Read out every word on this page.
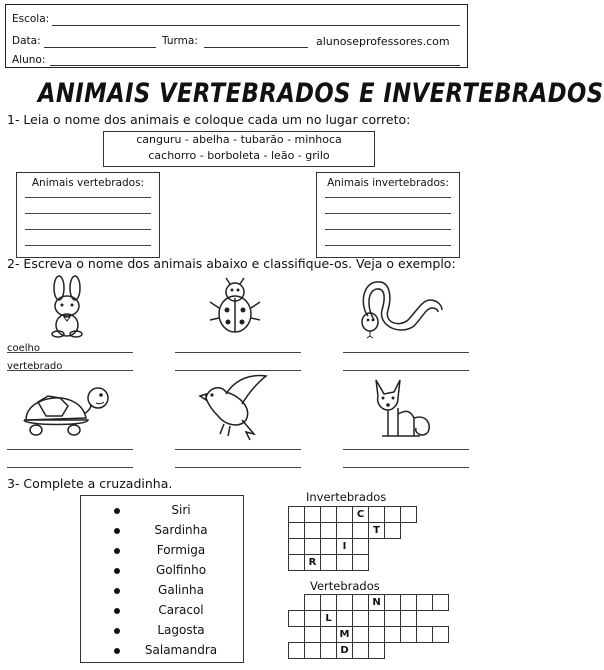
Escola:
Data:	Turma:	alunoseprofessores.com
Aluno:
ANIMAIS VERTEBRADOS E INVERTEBRADOS
1- Leia o nome dos animais e coloque cada um no lugar correto:
canguru - abelha - tubarão - minhoca
cachorro - borboleta - leão - grilo
Animais vertebrados:	Animais invertebrados:
2- Escreva o nome dos animais abaixo e classifique-os. Veja o exemplo:
coelho
vertebrado
3- Complete a cruzadinha.
Siri
Sardinha
Formiga
Golfinho
Galinha
Caracol
Lagosta
Salamandra
Invertebrados
				C			
					T		
			I				
	R						
Vertebrados
					N				
		L							
			M						
			D						
